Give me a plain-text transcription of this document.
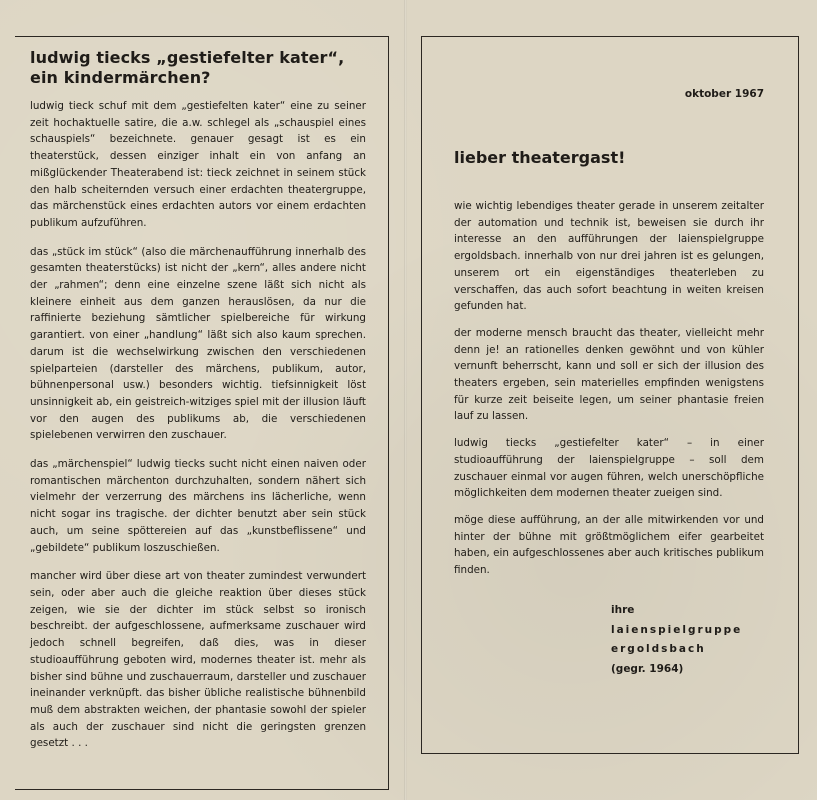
ludwig tiecks „gestiefelter kater“, ein kindermärchen?

ludwig tieck schuf mit dem „gestiefelten kater“ eine zu seiner zeit hochaktuelle satire, die a.w. schlegel als „schauspiel eines schauspiels“ bezeichnete. genauer gesagt ist es ein theaterstück, dessen einziger inhalt ein von anfang an mißglückender Theaterabend ist: tieck zeichnet in seinem stück den halb scheiternden versuch einer erdachten theatergruppe, das märchenstück eines erdachten autors vor einem erdachten publikum aufzuführen.

das „stück im stück“ (also die märchenaufführung innerhalb des gesamten theaterstücks) ist nicht der „kern“, alles andere nicht der „rahmen“; denn eine einzelne szene läßt sich nicht als kleinere einheit aus dem ganzen herauslösen, da nur die raffinierte beziehung sämtlicher spielbereiche für wirkung garantiert. von einer „handlung“ läßt sich also kaum sprechen. darum ist die wechselwirkung zwischen den verschiedenen spielparteien (darsteller des märchens, publikum, autor, bühnenpersonal usw.) besonders wichtig. tiefsinnigkeit löst unsinnigkeit ab, ein geistreich-witziges spiel mit der illusion läuft vor den augen des publikums ab, die verschiedenen spielebenen verwirren den zuschauer.

das „märchenspiel“ ludwig tiecks sucht nicht einen naiven oder romantischen märchenton durchzuhalten, sondern nähert sich vielmehr der verzerrung des märchens ins lächerliche, wenn nicht sogar ins tragische. der dichter benutzt aber sein stück auch, um seine spöttereien auf das „kunstbeflissene“ und „gebildete“ publikum loszuschießen.

mancher wird über diese art von theater zumindest verwundert sein, oder aber auch die gleiche reaktion über dieses stück zeigen, wie sie der dichter im stück selbst so ironisch beschreibt. der aufgeschlossene, aufmerksame zuschauer wird jedoch schnell begreifen, daß dies, was in dieser studioaufführung geboten wird, modernes theater ist. mehr als bisher sind bühne und zuschauerraum, darsteller und zuschauer ineinander verknüpft. das bisher übliche realistische bühnenbild muß dem abstrakten weichen, der phantasie sowohl der spieler als auch der zuschauer sind nicht die geringsten grenzen gesetzt . . .

oktober 1967
lieber theatergast!

wie wichtig lebendiges theater gerade in unserem zeitalter der automation und technik ist, beweisen sie durch ihr interesse an den aufführungen der laienspielgruppe ergoldsbach. innerhalb von nur drei jahren ist es gelungen, unserem ort ein eigenständiges theaterleben zu verschaffen, das auch sofort beachtung in weiten kreisen gefunden hat.

der moderne mensch braucht das theater, vielleicht mehr denn je! an rationelles denken gewöhnt und von kühler vernunft beherrscht, kann und soll er sich der illusion des theaters ergeben, sein materielles empfinden wenigstens für kurze zeit beiseite legen, um seiner phantasie freien lauf zu lassen.

ludwig tiecks „gestiefelter kater“ – in einer studioaufführung der laienspielgruppe – soll dem zuschauer einmal vor augen führen, welch unerschöpfliche möglichkeiten dem modernen theater zueigen sind.

möge diese aufführung, an der alle mitwirkenden vor und hinter der bühne mit größtmöglichem eifer gearbeitet haben, ein aufgeschlossenes aber auch kritisches publikum finden.

ihre
laienspielgruppe
ergoldsbach
(gegr. 1964)
